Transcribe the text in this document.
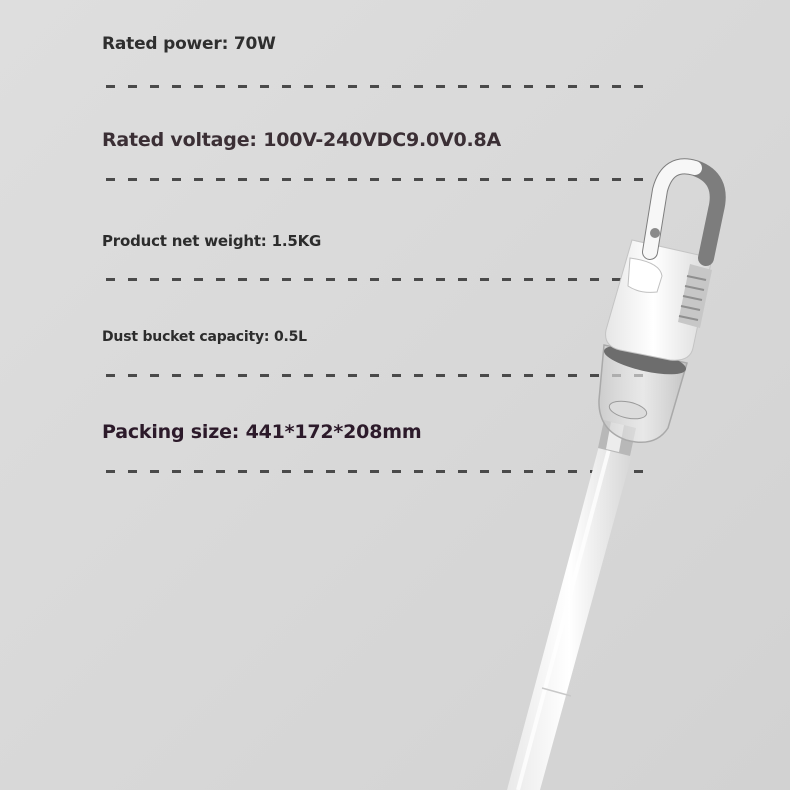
Rated power: 70W

Rated voltage: 100V-240VDC9.0V0.8A

Product net weight: 1.5KG

Dust bucket capacity: 0.5L

Packing size: 441*172*208mm
